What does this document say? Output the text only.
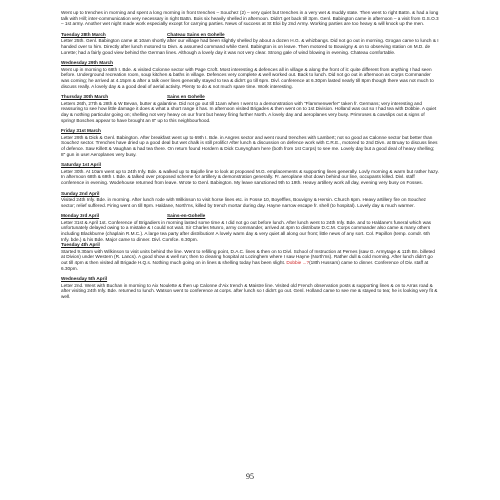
Went up to trenches in morning and spent a long morning in front trenches – Souchez (2) – very quiet but trenches in a very wet & muddy state. Then went to right Battn. & had a long talk with Hill; inter-communication very necessary in right Battn. Bois six heavily shelled in afternoon. Didn't get back till 3pm. Genl. Babington came in afternoon – a visit from G.S.O.3 – 1st army. Another wet night made work especially except for carrying parties. News of success at St Eloi by 2nd Army. Working parties are too heavy & will knock up the men.

Tuesday 28th March	Chateau Sains en Gohelle

Letter 25th. Genl. Babington came at 10am shortly after our village had been slightly shelled by about a dozen H.G. & whizbangs. Did not go out in morning. Grogan came to lunch & I handed over to him. Directly after lunch motored to Divn. & assumed command while Genl. Babington is on leave. Then motored to Bouvigny & on to observing station on M.D. de Lorette; had a fairly good view behind the German lines. Although a lovely day it was not very clear. Strong gale of wind blowing in evening. Chateau comfortable.

Wednesday 29th March

Went up in morning to 68th I. Bde. & visited Colonne sector with Page Croft. Most interesting & defences all in village & along the front of it: quite different from anything I had seen before. Underground recreation room, soup kitchen & baths in village. Defences very complete & well worked out. Back to lunch. Did not go out in afternoon as Corps Commander was coming; he arrived at 4.15pm & after a talk over lines generally stayed to tea & didn't go till 6pm. Divl. conference at 6.30pm lasted nearly till 8pm though there was not much to discuss really. A lovely day & a good deal of aerial activity. Plenty to do & not much spare time. Work interesting.

Thursday 30th March	Sains en Gohelle

Letters 26th, 27th & 28th & W Bevan, butter & galantine. Did not go out till 11am when I went to a demonstration with "Flammenwerfer" taken fr. Germans; very interesting and reassuring to see how little damage it does & what a short range it has. In afternoon visited Brigades & then went on to 1st Division. Holland was out so I had tea with Dobbie. A quiet day & nothing particular going on; shelling not very heavy on our front but heavy firing further North. A lovely day and aeroplanes very busy. Primroses & cowslips out & signs of spring! Bosches appear to have brought an 8" up to this neighbourhood.

Friday 31st March

Letter 29th & Dick & Genl. Babington. After breakfast went up to 69th I. Bde. in Angres sector and went round trenches with Lambert; not so good as Calonne sector but better than Souchez sector. Trenches have dried up a good deal but wet chalk is still prolific! After lunch & discussion on defence work with C.R.E., motored to 2nd Divn. at Bruay to discuss lines of defence. Saw Killett & Vaughan & had tea there. On return found Hordern & Dick Cunyngham here (both from 1st Corps) to see me. Lovely day but a good deal of heavy shelling; 8" gun in use! Aeroplanes very busy.

Saturday 1st April

Letter 30th. At 10am went up to 24th Infy. Bde. & walked up to Bajolle line to look at proposed M.G. emplacements & supporting lines generally. Lovly morning & warm but rather hazy. In afternoon 68th & 69th I. Bde. & talked over proposed scheme for artillery & demonstration generally. Fr. aeroplane shot down behind our line, occupants killed. Divl. staff conference in evening. Wodehouse returned from leave. Wrote to Genl. Babington. My leave sanctioned 9th to 19th. Heavy artillery work all day, evening very busy on Fosses.

Sunday 2nd April

Visited 24th Infy. Bde. in morning. After lunch rode with Wilkinson to visit horse lines etc. in Fosse 10, Boyeffles, Bouvigny & Hersin. Church 6pm. Heavy artillery fire on Souchez sector; relief suffered. Firing went on till 9pm. Haldane, North'ns, killed by trench mortar during day. Hayne narrow escape fr. shell (to hospital). Lovely day & much warmer.

Monday 3rd April	Sains-en-Gohelle

Letter 31st & April 1st. Conference of Brigadiers in morning lasted some time & I did not go out before lunch. After lunch went to 24th Infy. Bde. and to Haldane's funeral which was unfortunately delayed owing to a mistake & I could not wait. Sir Charles Munro, army commander, arrived at 4pm to distribute D.C.M. Corps commander also came & many others including Blackburne (chaplain R.M.C.). A large tea party after distribution! A lovely warm day & very quiet all along our front; little news of any sort. Col. Papillon (temp. comdr. 6th Infy. bde.) & his Bde. Major came to dinner. Divl. Comfce. 6.30pm.

Tuesday 4th April

Started 9.30am with Wilkinson to visit units behind the line. Went to refilling point, D.A.C. lines & then on to Divl. School of Instruction at Pernes (saw G. Armytage & 11th Bn. billeted at Divion) under Western (R. Lancs). A good show & well run; then to clearing hospital at Lozinghem where I saw Hayne (North'ns). Rather dull & cold morning. After lunch didn't go out till 4pm & then visited all Brigade H.Q.s. Nothing much going on in lines & shelling today has been slight. Dobbie ...?(18th Hussars) came to dinner. Conference of Div. staff at 6.30pm.

Wednesday 5th April

Letter 2nd. Went with Buchan in morning to Aix Noulette & then up Calonne d'Aix trench & Maistre line. Visited old French observation posts & supporting lines & on to Arras road & after visiting 24th Infy. Bde. returned to lunch. Watson went to conference at corps. after lunch so I didn't go out. Genl. Holland came to see me & stayed to tea; he is looking very fit & well.

95
